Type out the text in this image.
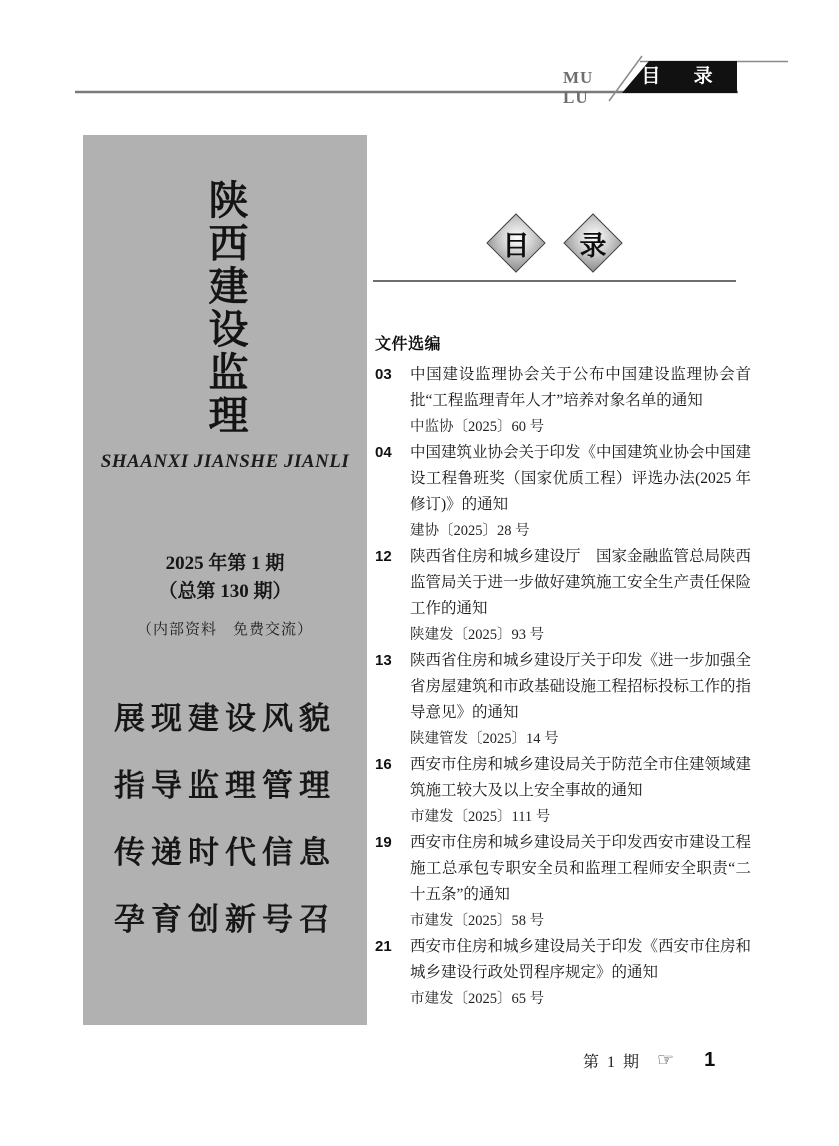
MU LU
目 录
陕西建设监理
SHAANXI JIANSHE JIANLI
2025 年第 1 期
（总第 130 期）
（内部资料　免费交流）
展现建设风貌
指导监理管理
传递时代信息
孕育创新号召
目 录
文件选编
03	中国建设监理协会关于公布中国建设监理协会首批“工程监理青年人才”培养对象名单的通知
中监协〔2025〕60 号
04	中国建筑业协会关于印发《中国建筑业协会中国建设工程鲁班奖（国家优质工程）评选办法(2025 年修订)》的通知
建协〔2025〕28 号
12	陕西省住房和城乡建设厅　国家金融监管总局陕西监管局关于进一步做好建筑施工安全生产责任保险工作的通知
陕建发〔2025〕93 号
13	陕西省住房和城乡建设厅关于印发《进一步加强全省房屋建筑和市政基础设施工程招标投标工作的指导意见》的通知
陕建管发〔2025〕14 号
16	西安市住房和城乡建设局关于防范全市住建领域建筑施工较大及以上安全事故的通知
市建发〔2025〕111 号
19	西安市住房和城乡建设局关于印发西安市建设工程施工总承包专职安全员和监理工程师安全职责“二十五条”的通知
市建发〔2025〕58 号
21	西安市住房和城乡建设局关于印发《西安市住房和城乡建设行政处罚程序规定》的通知
市建发〔2025〕65 号
第 1 期 ☞ 1
